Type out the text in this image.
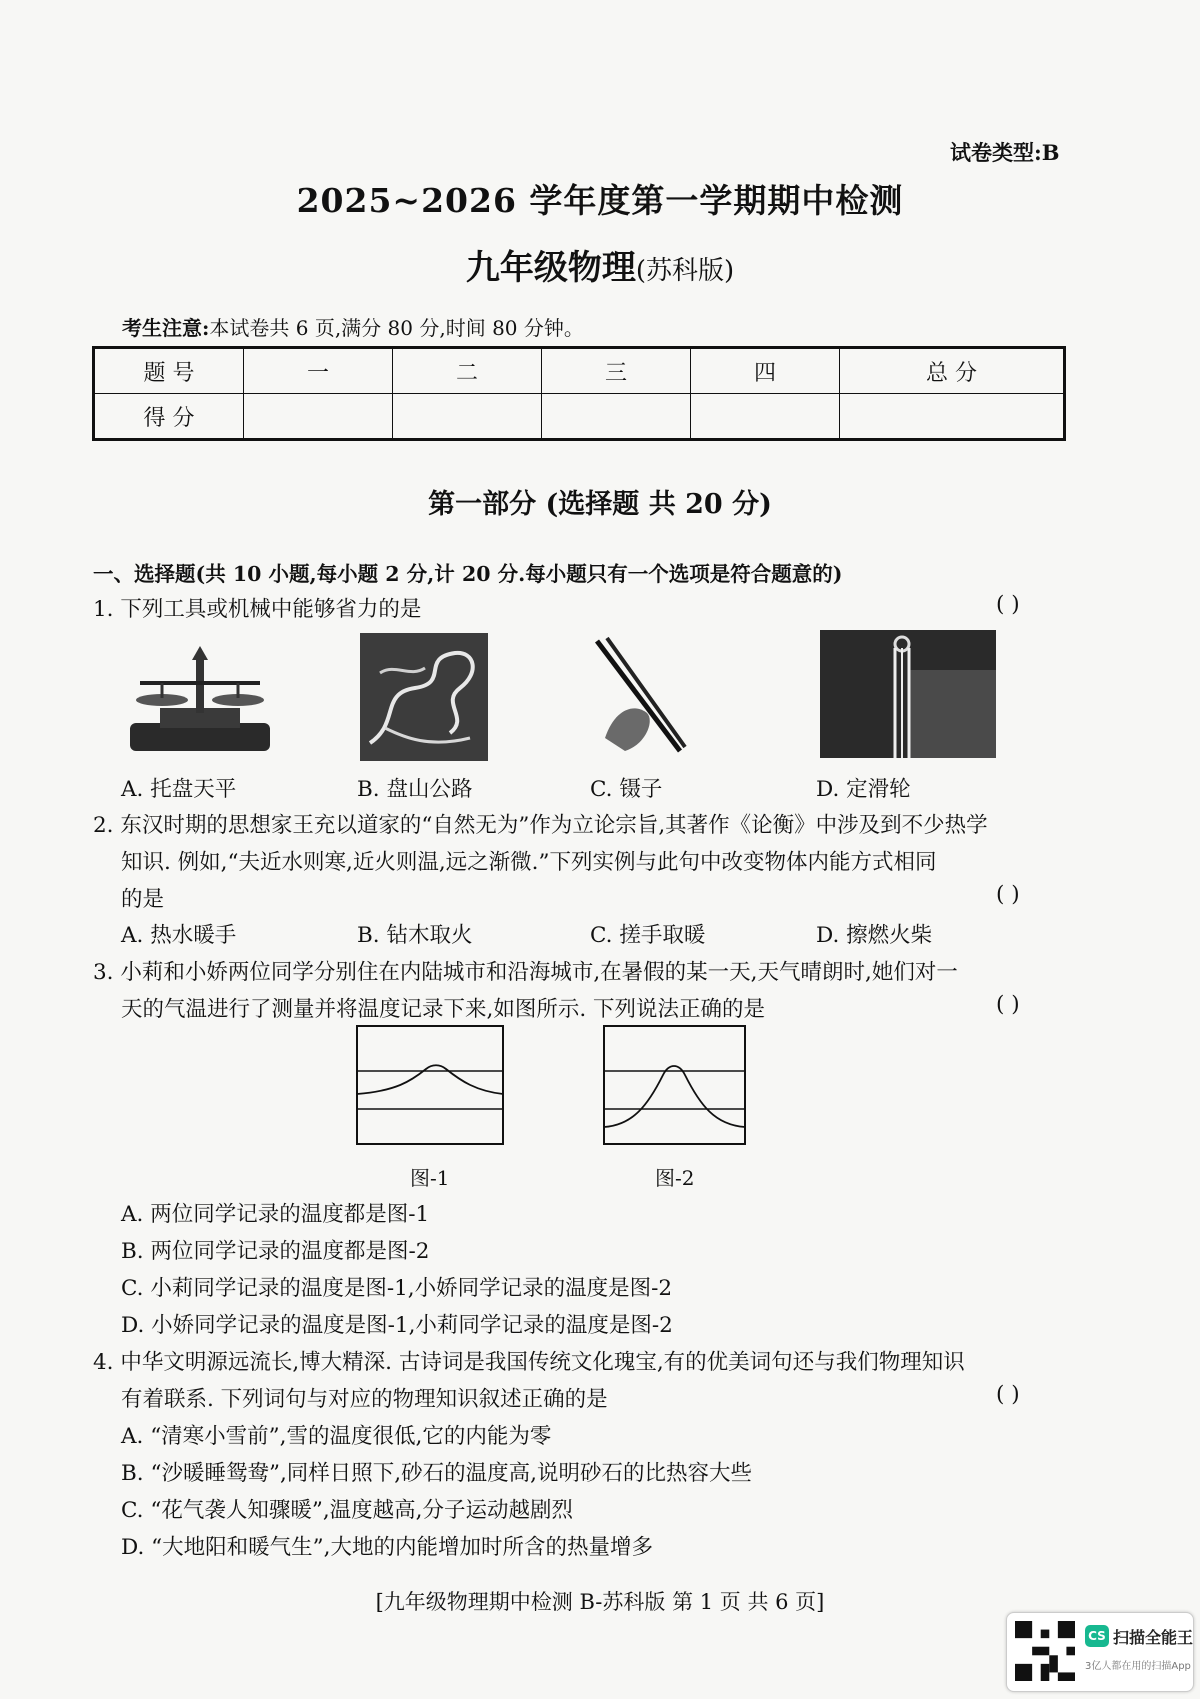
试卷类型:B
2025~2026 学年度第一学期期中检测
九年级物理(苏科版)
考生注意:本试卷共 6 页,满分 80 分,时间 80 分钟。
题 号	一	二	三	四	总 分
得 分					
第一部分 (选择题 共 20 分)
一、选择题(共 10 小题,每小题 2 分,计 20 分.每小题只有一个选项是符合题意的)
1. 下列工具或机械中能够省力的是	( )
A. 托盘天平	B. 盘山公路	C. 镊子	D. 定滑轮
2. 东汉时期的思想家王充以道家的“自然无为”作为立论宗旨,其著作《论衡》中涉及到不少热学
知识. 例如,“夫近水则寒,近火则温,远之渐微.”下列实例与此句中改变物体内能方式相同
的是	( )
A. 热水暖手	B. 钻木取火	C. 搓手取暖	D. 擦燃火柴
3. 小莉和小娇两位同学分别住在内陆城市和沿海城市,在暑假的某一天,天气晴朗时,她们对一
天的气温进行了测量并将温度记录下来,如图所示. 下列说法正确的是	( )
图-1	图-2
A. 两位同学记录的温度都是图-1
B. 两位同学记录的温度都是图-2
C. 小莉同学记录的温度是图-1,小娇同学记录的温度是图-2
D. 小娇同学记录的温度是图-1,小莉同学记录的温度是图-2
4. 中华文明源远流长,博大精深. 古诗词是我国传统文化瑰宝,有的优美词句还与我们物理知识
有着联系. 下列词句与对应的物理知识叙述正确的是	( )
A. “清寒小雪前”,雪的温度很低,它的内能为零
B. “沙暖睡鸳鸯”,同样日照下,砂石的温度高,说明砂石的比热容大些
C. “花气袭人知骤暖”,温度越高,分子运动越剧烈
D. “大地阳和暖气生”,大地的内能增加时所含的热量增多
[九年级物理期中检测 B-苏科版 第 1 页 共 6 页]
CS 扫描全能王
3亿人都在用的扫描App
